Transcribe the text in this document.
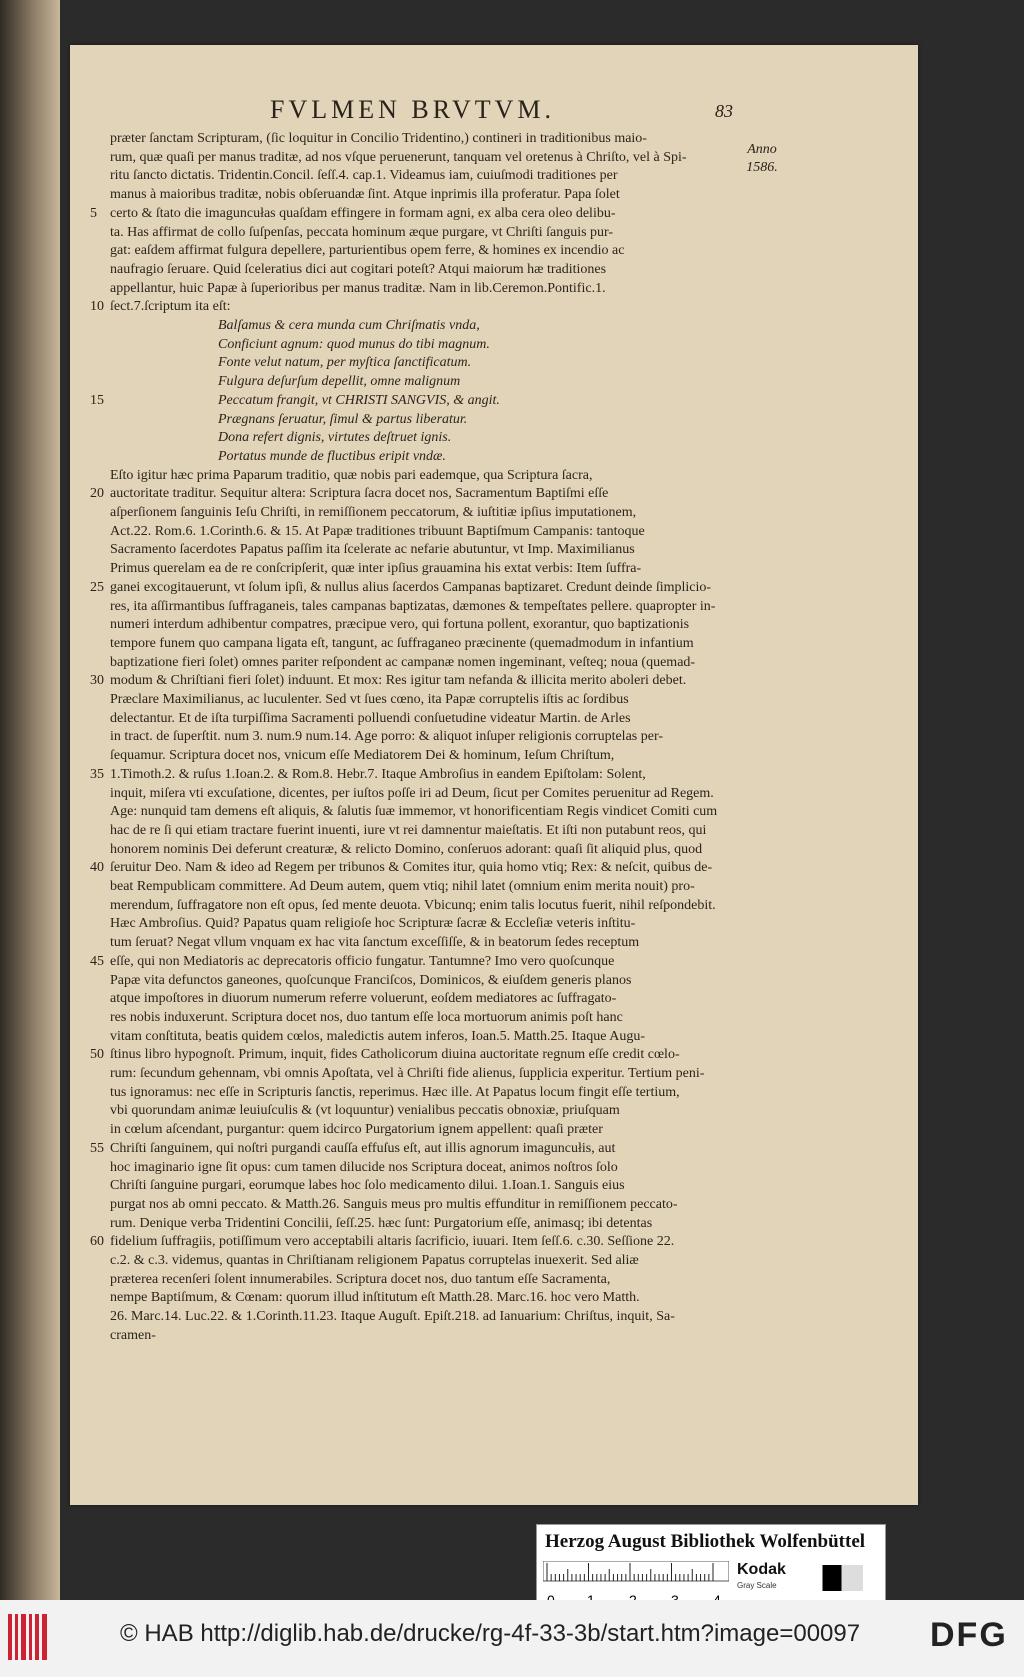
FVLMEN BRVTVM.	83
Anno
1586.
præter ſanctam Scripturam, (ſic loquitur in Concilio Tridentino,) contineri in traditionibus maio-
rum, quæ quaſi per manus traditæ, ad nos vſque peruenerunt, tanquam vel oretenus à Chriſto, vel à Spi-
ritu ſancto dictatis. Tridentin.Concil. ſeſſ.4. cap.1. Videamus iam, cuiuſmodi traditiones per
manus à maioribus traditæ, nobis obſeruandæ ſint. Atque inprimis illa proferatur. Papa ſolet
certo & ſtato die imaguncułas quaſdam effingere in formam agni, ex alba cera oleo delibu-
5
ta. Has affirmat de collo ſuſpenſas, peccata hominum æque purgare, vt Chriſti ſanguis pur-
gat: eaſdem affirmat fulgura depellere, parturientibus opem ferre, & homines ex incendio ac
naufragio ſeruare. Quid ſceleratius dici aut cogitari poteſt? Atqui maiorum hæ traditiones
appellantur, huic Papæ à ſuperioribus per manus traditæ. Nam in lib.Ceremon.Pontific.1.
ſect.7.ſcriptum ita eſt:
10
Balſamus & cera munda cum Chriſmatis vnda,
Conficiunt agnum: quod munus do tibi magnum.
Fonte velut natum, per myſtica ſanctificatum.
Fulgura deſurſum depellit, omne malignum
Peccatum frangit, vt CHRISTI SANGVIS, & angit.
15
Prægnans ſeruatur, ſimul & partus liberatur.
Dona refert dignis, virtutes deſtruet ignis.
Portatus munde de fluctibus eripit vndæ.
Eſto igitur hæc prima Paparum traditio, quæ nobis pari eademque, qua Scriptura ſacra,
auctoritate traditur. Sequitur altera: Scriptura ſacra docet nos, Sacramentum Baptiſmi eſſe
20
aſperſionem ſanguinis Ieſu Chriſti, in remiſſionem peccatorum, & iuſtitiæ ipſius imputationem,
Act.22. Rom.6. 1.Corinth.6. & 15. At Papæ traditiones tribuunt Baptiſmum Campanis: tantoque
Sacramento ſacerdotes Papatus paſſim ita ſcelerate ac nefarie abutuntur, vt Imp. Maximilianus
Primus querelam ea de re conſcripſerit, quæ inter ipſius grauamina his extat verbis: Item ſuffra-
ganei excogitauerunt, vt ſolum ipſi, & nullus alius ſacerdos Campanas baptizaret. Credunt deinde ſimplicio-
25
res, ita aſſirmantibus ſuffraganeis, tales campanas baptizatas, dæmones & tempeſtates pellere. quapropter in-
numeri interdum adhibentur compatres, præcipue vero, qui fortuna pollent, exorantur, quo baptizationis
tempore funem quo campana ligata eſt, tangunt, ac ſuffraganeo præcinente (quemadmodum in infantium
baptizatione fieri ſolet) omnes pariter reſpondent ac campanæ nomen ingeminant, veſteq; noua (quemad-
modum & Chriſtiani fieri ſolet) induunt. Et mox: Res igitur tam nefanda & illicita merito aboleri debet.
30
Præclare Maximilianus, ac luculenter. Sed vt ſues cœno, ita Papæ corruptelis iſtis ac ſordibus
delectantur. Et de iſta turpiſſima Sacramenti polluendi conſuetudine videatur Martin. de Arles
in tract. de ſuperſtit. num 3. num.9 num.14. Age porro: & aliquot inſuper religionis corruptelas per-
ſequamur. Scriptura docet nos, vnicum eſſe Mediatorem Dei & hominum, Ieſum Chriſtum,
1.Timoth.2. & ruſus 1.Ioan.2. & Rom.8. Hebr.7. Itaque Ambroſius in eandem Epiſtolam: Solent,
35
inquit, miſera vti excuſatione, dicentes, per iuſtos poſſe iri ad Deum, ſicut per Comites peruenitur ad Regem.
Age: nunquid tam demens eſt aliquis, & ſalutis ſuæ immemor, vt honorificentiam Regis vindicet Comiti cum
hac de re ſi qui etiam tractare fuerint inuenti, iure vt rei damnentur maieſtatis. Et iſti non putabunt reos, qui
honorem nominis Dei deferunt creaturæ, & relicto Domino, conſeruos adorant: quaſi ſit aliquid plus, quod
ſeruitur Deo. Nam & ideo ad Regem per tribunos & Comites itur, quia homo vtiq; Rex: & neſcit, quibus de-
40
beat Rempublicam committere. Ad Deum autem, quem vtiq; nihil latet (omnium enim merita nouit) pro-
merendum, ſuffragatore non eſt opus, ſed mente deuota. Vbicunq; enim talis locutus fuerit, nihil reſpondebit.
Hæc Ambroſius. Quid? Papatus quam religioſe hoc Scripturæ ſacræ & Eccleſiæ veteris inſtitu-
tum ſeruat? Negat vllum vnquam ex hac vita ſanctum exceſſiſſe, & in beatorum ſedes receptum
eſſe, qui non Mediatoris ac deprecatoris officio fungatur. Tantumne? Imo vero quoſcunque
45
Papæ vita defunctos ganeones, quoſcunque Franciſcos, Dominicos, & eiuſdem generis planos
atque impoſtores in diuorum numerum referre voluerunt, eoſdem mediatores ac ſuffragato-
res nobis induxerunt. Scriptura docet nos, duo tantum eſſe loca mortuorum animis poſt hanc
vitam conſtituta, beatis quidem cœlos, maledictis autem inferos, Ioan.5. Matth.25. Itaque Augu-
ſtinus libro hypognoſt. Primum, inquit, fides Catholicorum diuina auctoritate regnum eſſe credit cœlo-
50
rum: ſecundum gehennam, vbi omnis Apoſtata, vel à Chriſti fide alienus, ſupplicia experitur. Tertium peni-
tus ignoramus: nec eſſe in Scripturis ſanctis, reperimus. Hæc ille. At Papatus locum fingit eſſe tertium,
vbi quorundam animæ leuiuſculis & (vt loquuntur) venialibus peccatis obnoxiæ, priuſquam
in cœlum aſcendant, purgantur: quem idcirco Purgatorium ignem appellent: quaſi præter
Chriſti ſanguinem, qui noſtri purgandi cauſſa effuſus eſt, aut illis agnorum imaguncułis, aut
55
hoc imaginario igne ſit opus: cum tamen dilucide nos Scriptura doceat, animos noſtros ſolo
Chriſti ſanguine purgari, eorumque labes hoc ſolo medicamento dilui. 1.Ioan.1. Sanguis eius
purgat nos ab omni peccato. & Matth.26. Sanguis meus pro multis effunditur in remiſſionem peccato-
rum. Denique verba Tridentini Concilii, ſeſſ.25. hæc ſunt: Purgatorium eſſe, animasq; ibi detentas
fidelium ſuffragiis, potiſſimum vero acceptabili altaris ſacrificio, iuuari. Item ſeſſ.6. c.30. Seſſione 22.
60
c.2. & c.3. videmus, quantas in Chriſtianam religionem Papatus corruptelas inuexerit. Sed aliæ
præterea recenſeri ſolent innumerabiles. Scriptura docet nos, duo tantum eſſe Sacramenta,
nempe Baptiſmum, & Cœnam: quorum illud inſtitutum eſt Matth.28. Marc.16. hoc vero Matth.
26. Marc.14. Luc.22. & 1.Corinth.11.23. Itaque Auguſt. Epiſt.218. ad Ianuarium: Chriſtus, inquit, Sa-
cramen-
Herzog August Bibliothek Wolfenbüttel
Kodak
Gray Scale
© HAB http://diglib.hab.de/drucke/rg-4f-33-3b/start.htm?image=00097 DFG
